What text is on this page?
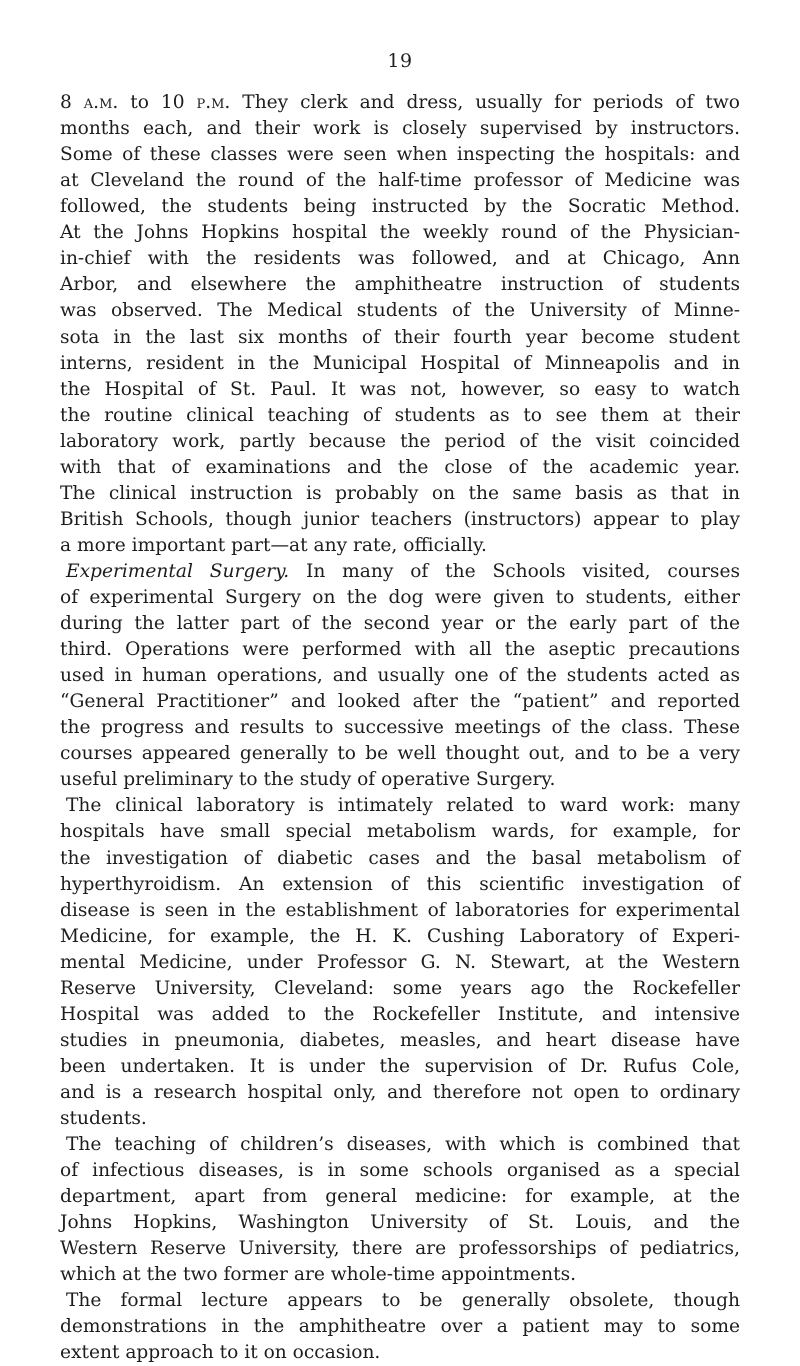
19
8 a.m. to 10 p.m. They clerk and dress, usually for periods of two
months each, and their work is closely supervised by instructors.
Some of these classes were seen when inspecting the hospitals: and
at Cleveland the round of the half-time professor of Medicine was
followed, the students being instructed by the Socratic Method.
At the Johns Hopkins hospital the weekly round of the Physician-
in-chief with the residents was followed, and at Chicago, Ann
Arbor, and elsewhere the amphitheatre instruction of students
was observed. The Medical students of the University of Minne-
sota in the last six months of their fourth year become student
interns, resident in the Municipal Hospital of Minneapolis and in
the Hospital of St. Paul. It was not, however, so easy to watch
the routine clinical teaching of students as to see them at their
laboratory work, partly because the period of the visit coincided
with that of examinations and the close of the academic year.
The clinical instruction is probably on the same basis as that in
British Schools, though junior teachers (instructors) appear to play
a more important part—at any rate, officially.
Experimental Surgery. In many of the Schools visited, courses
of experimental Surgery on the dog were given to students, either
during the latter part of the second year or the early part of the
third. Operations were performed with all the aseptic precautions
used in human operations, and usually one of the students acted as
“General Practitioner” and looked after the “patient” and reported
the progress and results to successive meetings of the class. These
courses appeared generally to be well thought out, and to be a very
useful preliminary to the study of operative Surgery.
The clinical laboratory is intimately related to ward work: many
hospitals have small special metabolism wards, for example, for
the investigation of diabetic cases and the basal metabolism of
hyperthyroidism. An extension of this scientific investigation of
disease is seen in the establishment of laboratories for experimental
Medicine, for example, the H. K. Cushing Laboratory of Experi-
mental Medicine, under Professor G. N. Stewart, at the Western
Reserve University, Cleveland: some years ago the Rockefeller
Hospital was added to the Rockefeller Institute, and intensive
studies in pneumonia, diabetes, measles, and heart disease have
been undertaken. It is under the supervision of Dr. Rufus Cole,
and is a research hospital only, and therefore not open to ordinary
students.
The teaching of children’s diseases, with which is combined that
of infectious diseases, is in some schools organised as a special
department, apart from general medicine: for example, at the
Johns Hopkins, Washington University of St. Louis, and the
Western Reserve University, there are professorships of pediatrics,
which at the two former are whole-time appointments.
The formal lecture appears to be generally obsolete, though
demonstrations in the amphitheatre over a patient may to some
extent approach to it on occasion.
